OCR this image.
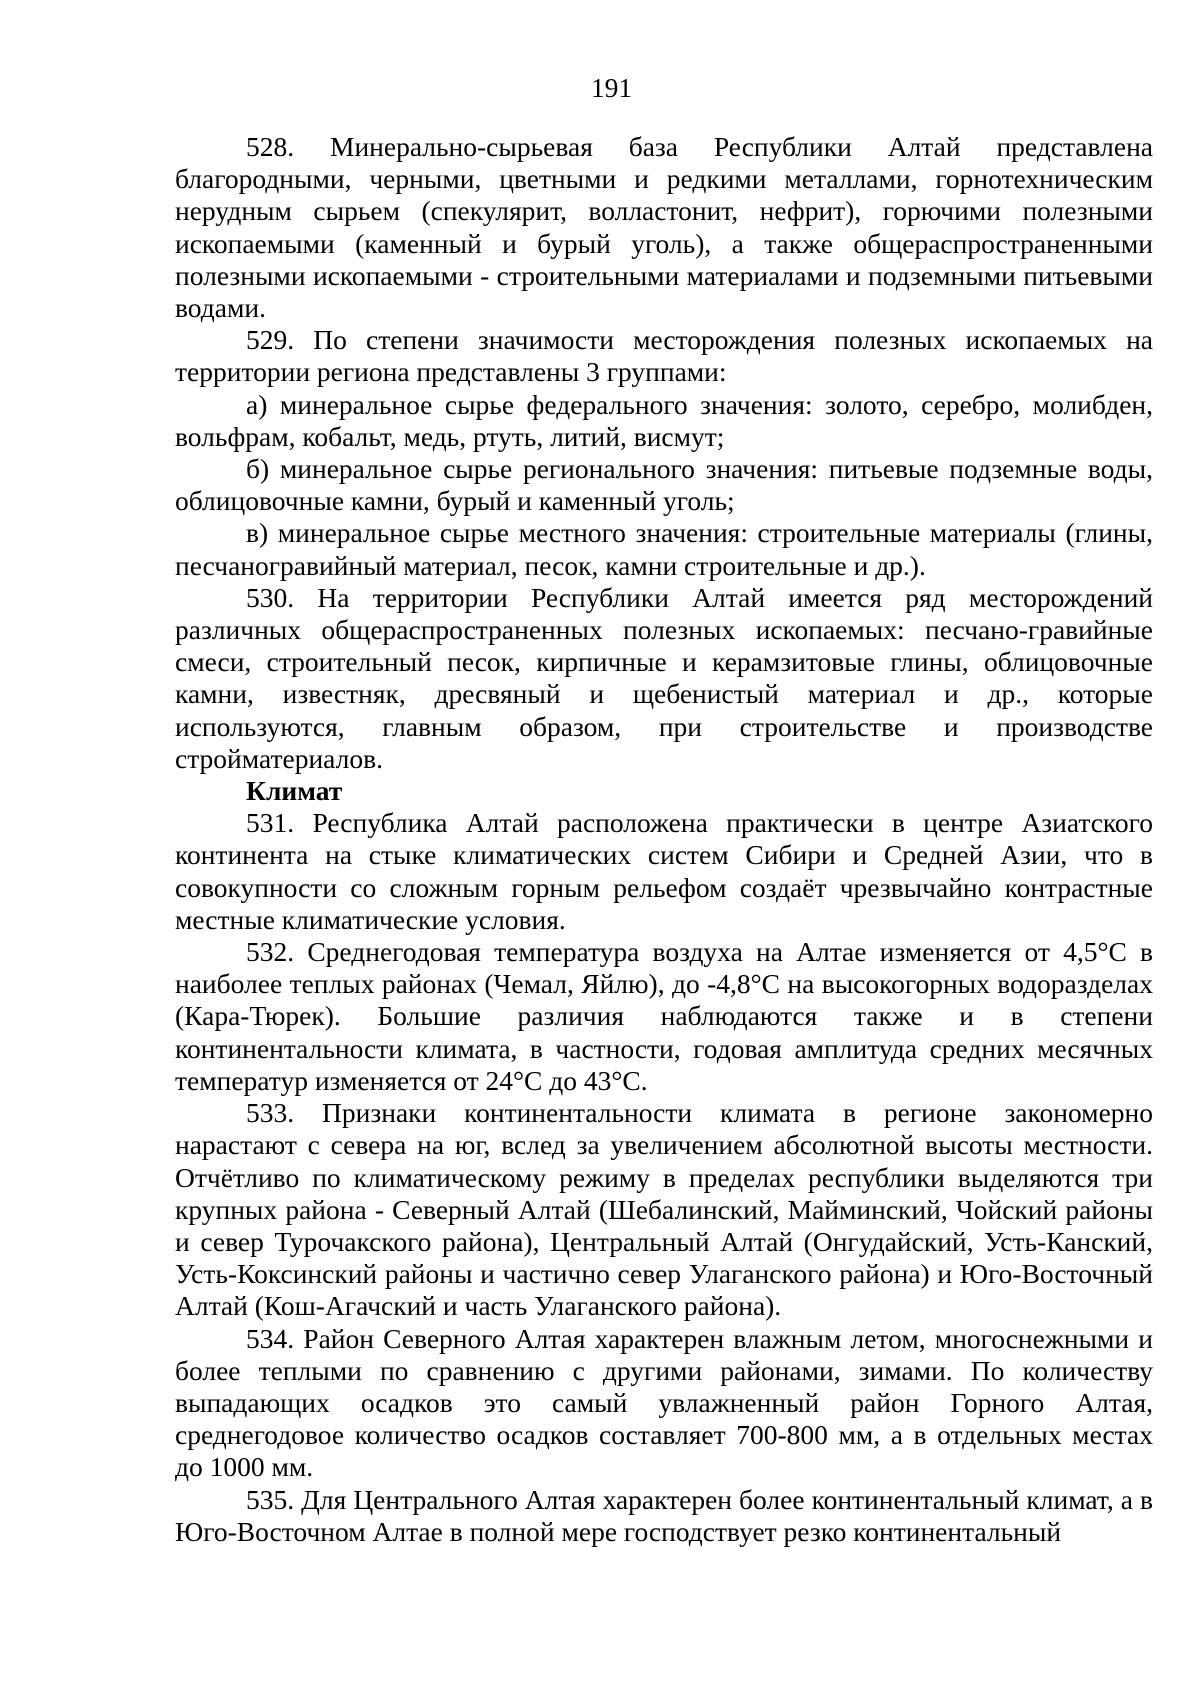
191

528. Минерально-сырьевая база Республики Алтай представлена благородными, черными, цветными и редкими металлами, горнотехническим нерудным сырьем (спекулярит, волластонит, нефрит), горючими полезными ископаемыми (каменный и бурый уголь), а также общераспространенными полезными ископаемыми - строительными материалами и подземными питьевыми водами.

529. По степени значимости месторождения полезных ископаемых на территории региона представлены 3 группами:

а) минеральное сырье федерального значения: золото, серебро, молибден, вольфрам, кобальт, медь, ртуть, литий, висмут;

б) минеральное сырье регионального значения: питьевые подземные воды, облицовочные камни, бурый и каменный уголь;

в) минеральное сырье местного значения: строительные материалы (глины, песчаногравийный материал, песок, камни строительные и др.).

530. На территории Республики Алтай имеется ряд месторождений различных общераспространенных полезных ископаемых: песчано-гравийные смеси, строительный песок, кирпичные и керамзитовые глины, облицовочные камни, известняк, дресвяный и щебенистый материал и др., которые используются, главным образом, при строительстве и производстве стройматериалов.

Климат

531. Республика Алтай расположена практически в центре Азиатского континента на стыке климатических систем Сибири и Средней Азии, что в совокупности со сложным горным рельефом создаёт чрезвычайно контрастные местные климатические условия.

532. Среднегодовая температура воздуха на Алтае изменяется от 4,5°С в наиболее теплых районах (Чемал, Яйлю), до -4,8°С на высокогорных водоразделах (Кара-Тюрек). Большие различия наблюдаются также и в степени континентальности климата, в частности, годовая амплитуда средних месячных температур изменяется от 24°С до 43°С.

533. Признаки континентальности климата в регионе закономерно нарастают с севера на юг, вслед за увеличением абсолютной высоты местности. Отчётливо по климатическому режиму в пределах республики выделяются три крупных района - Северный Алтай (Шебалинский, Майминский, Чойский районы и север Турочакского района), Центральный Алтай (Онгудайский, Усть-Канский, Усть-Коксинский районы и частично север Улаганского района) и Юго-Восточный Алтай (Кош-Агачский и часть Улаганского района).

534. Район Северного Алтая характерен влажным летом, многоснежными и более теплыми по сравнению с другими районами, зимами. По количеству выпадающих осадков это самый увлажненный район Горного Алтая, среднегодовое количество осадков составляет 700-800 мм, а в отдельных местах до 1000 мм.

535. Для Центрального Алтая характерен более континентальный климат, а в Юго-Восточном Алтае в полной мере господствует резко континентальный
